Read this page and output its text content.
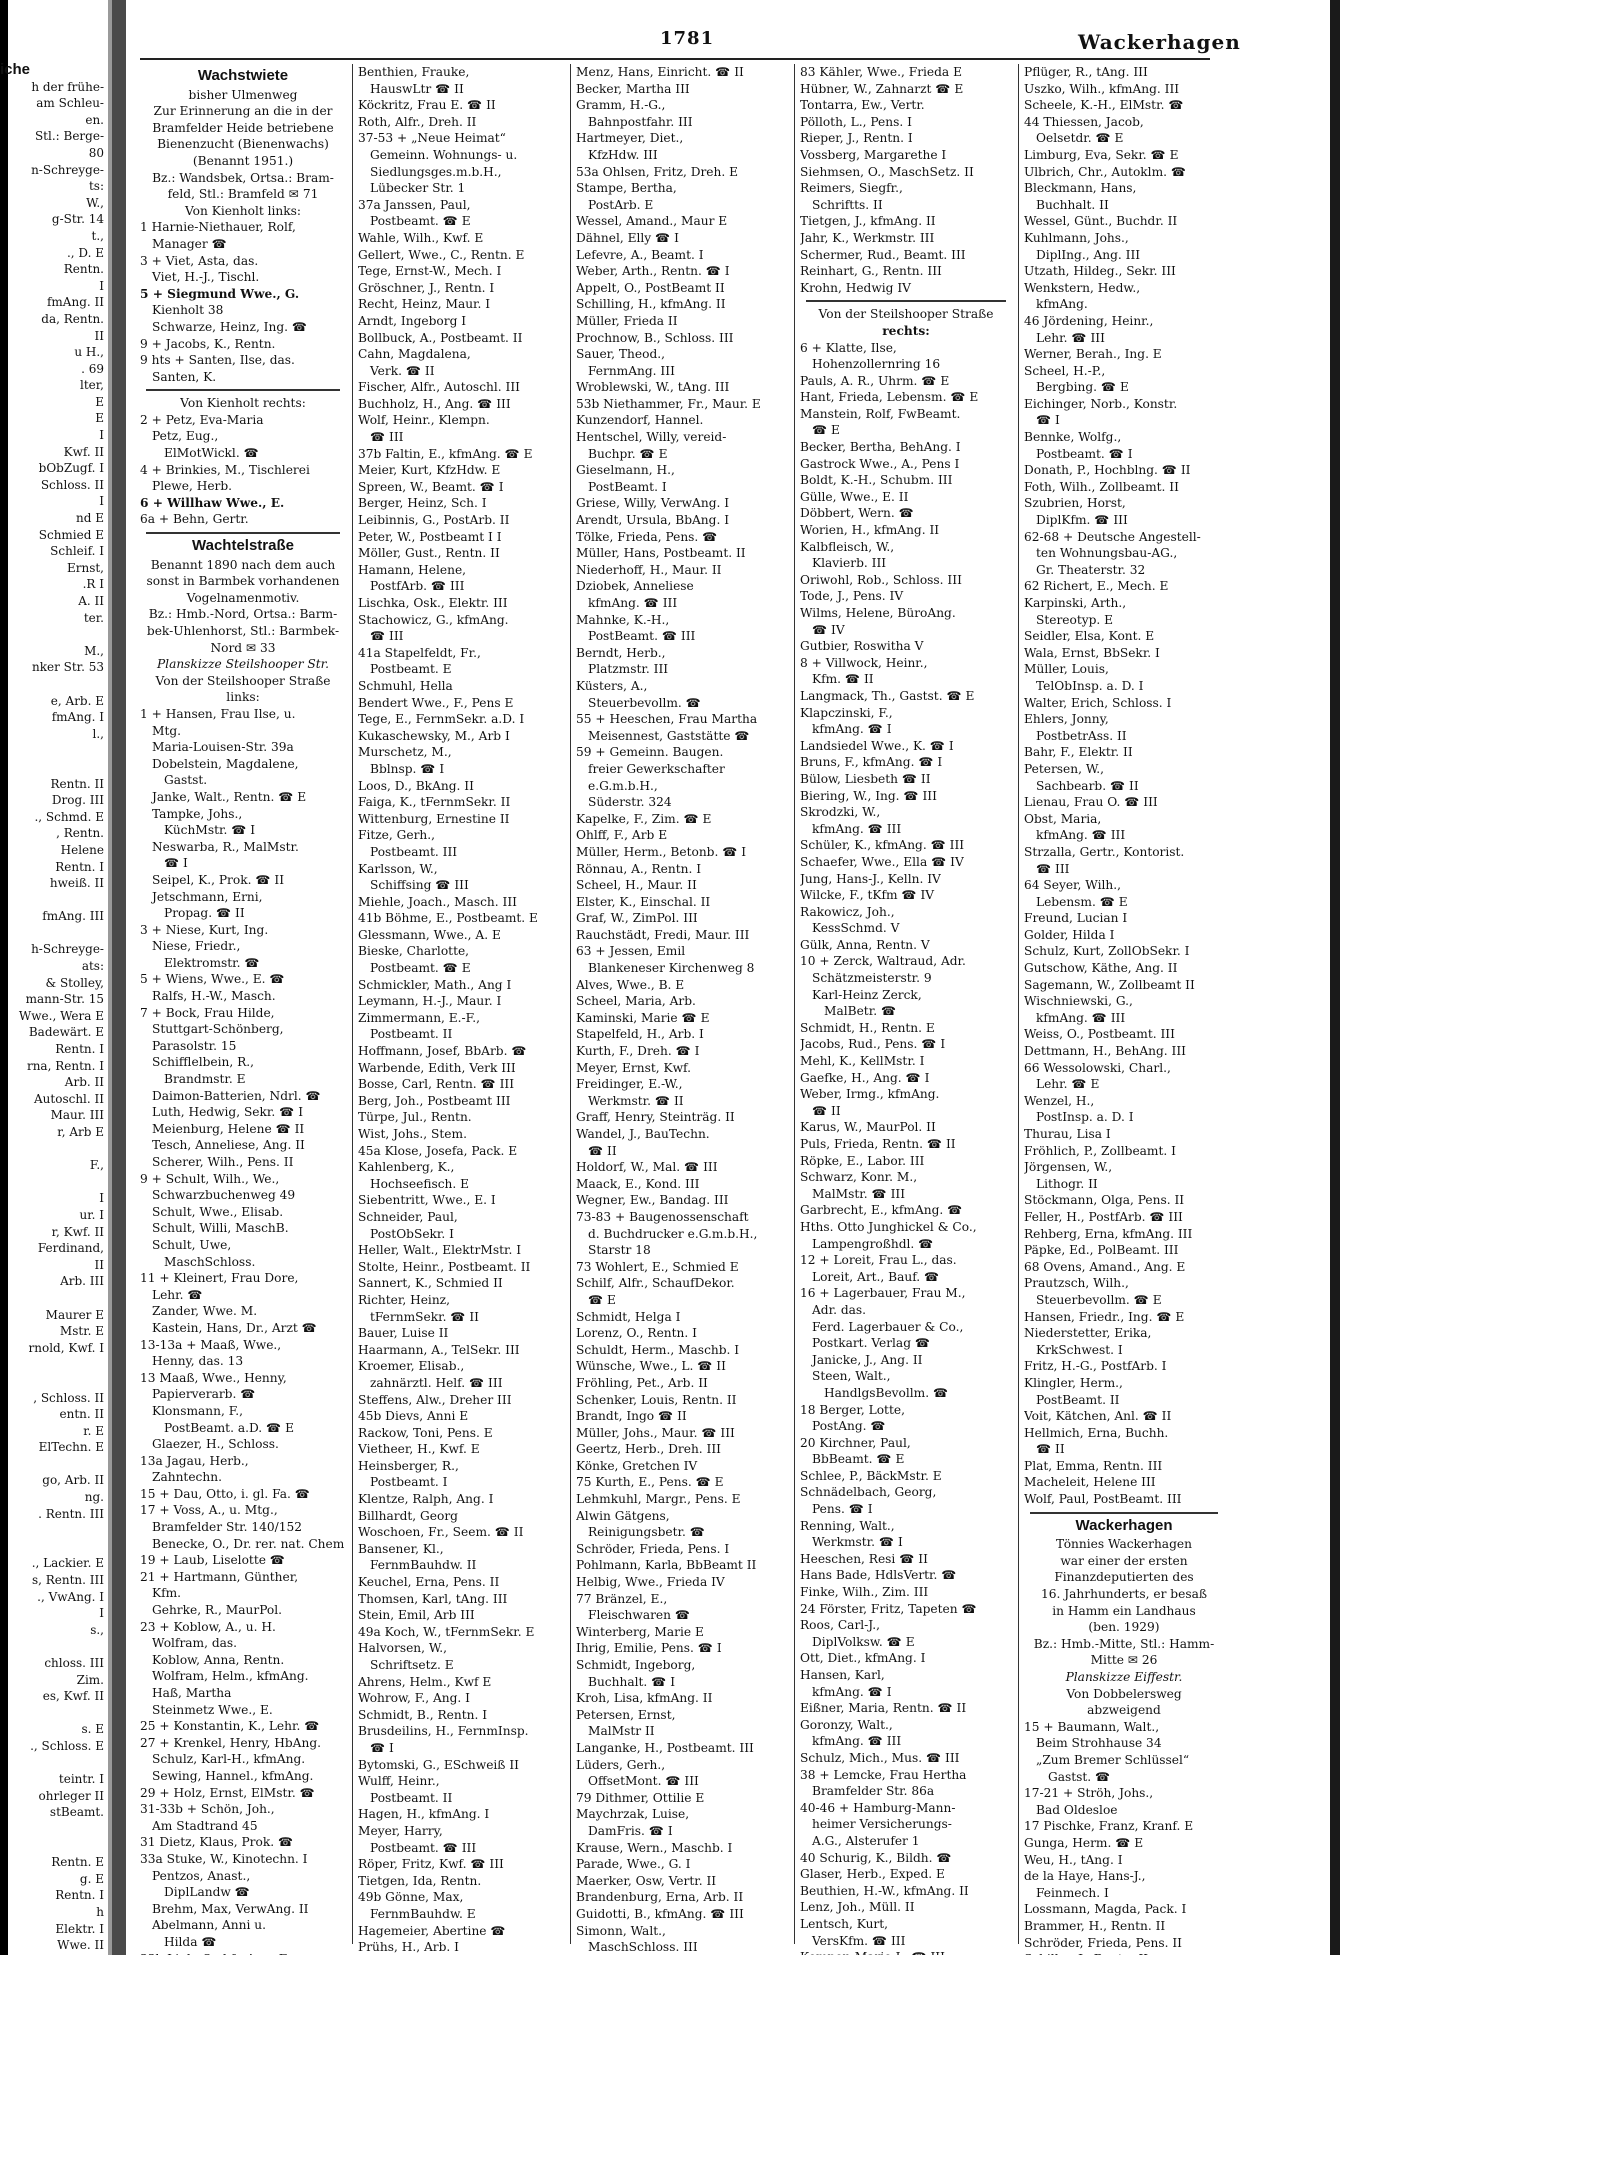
iche
h der frühe-
am Schleu-
en.
Stl.: Berge-
80
n-Schreyge-
ts:
W.,
g-Str. 14
t.,
., D. E
Rentn.
I
fmAng. II
da, Rentn.
II
u H.,
. 69
lter,
E
E
I
Kwf. II
bObZugf. I
Schloss. II
I
nd E
Schmied E
Schleif. I
Ernst,
.R I
A. II
ter.

M.,
nker Str. 53

e, Arb. E
fmAng. I
l.,

Rentn. II
Drog. III
., Schmd. E
, Rentn.
Helene
Rentn. I
hweiß. II

fmAng. III

h-Schreyge-
ats:
& Stolley,
mann-Str. 15
Wwe., Wera E
Badewärt. E
Rentn. I
rna, Rentn. I
Arb. II
Autoschl. II
Maur. III
r, Arb E

F.,

I
ur. I
r, Kwf. II
Ferdinand,
II
Arb. III

Maurer E
Mstr. E
rnold, Kwf. I

, Schloss. II
entn. II
r. E
ElTechn. E

go, Arb. II
ng.
. Rentn. III

., Lackier. E
s, Rentn. III
., VwAng. I
I
s.,

chloss. III
Zim.
es, Kwf. II

s. E
., Schloss. E

teintr. I
ohrleger II
stBeamt.

Rentn. E
g. E
Rentn. I
h
Elektr. I
Wwe. II
1781	Wackerhagen
Wachstwiete
bisher Ulmenweg
Zur Erinnerung an die in der
Bramfelder Heide betriebene
Bienenzucht (Bienenwachs)
(Benannt 1951.)
Bz.: Wandsbek, Ortsa.: Bram-
feld, Stl.: Bramfeld ✉ 71
Von Kienholt links:
1 Harnie-Niethauer, Rolf,
Manager ☎
3 + Viet, Asta, das.
Viet, H.-J., Tischl.
5 + Siegmund Wwe., G.
Kienholt 38
Schwarze, Heinz, Ing. ☎
9 + Jacobs, K., Rentn.
9 hts + Santen, Ilse, das.
Santen, K.
Von Kienholt rechts:
2 + Petz, Eva-Maria
Petz, Eug.,
ElMotWickl. ☎
4 + Brinkies, M., Tischlerei
Plewe, Herb.
6 + Willhaw Wwe., E.
6a + Behn, Gertr.
Wachtelstraße
Benannt 1890 nach dem auch
sonst in Barmbek vorhandenen
Vogelnamenmotiv.
Bz.: Hmb.-Nord, Ortsa.: Barm-
bek-Uhlenhorst, Stl.: Barmbek-
Nord ✉ 33
Planskizze Steilshooper Str.
Von der Steilshooper Straße
links:
1 + Hansen, Frau Ilse, u.
Mtg.
Maria-Louisen-Str. 39a
Dobelstein, Magdalene,
Gastst.
Janke, Walt., Rentn. ☎ E
Tampke, Johs.,
KüchMstr. ☎ I
Neswarba, R., MalMstr.
☎ I
Seipel, K., Prok. ☎ II
Jetschmann, Erni,
Propag. ☎ II
3 + Niese, Kurt, Ing.
Niese, Friedr.,
Elektromstr. ☎
5 + Wiens, Wwe., E. ☎
Ralfs, H.-W., Masch.
7 + Bock, Frau Hilde,
Stuttgart-Schönberg,
Parasolstr. 15
Schifflelbein, R.,
Brandmstr. E
Daimon-Batterien, Ndrl. ☎
Luth, Hedwig, Sekr. ☎ I
Meienburg, Helene ☎ II
Tesch, Anneliese, Ang. II
Scherer, Wilh., Pens. II
9 + Schult, Wilh., We.,
Schwarzbuchenweg 49
Schult, Wwe., Elisab.
Schult, Willi, MaschB.
Schult, Uwe,
MaschSchloss.
11 + Kleinert, Frau Dore,
Lehr. ☎
Zander, Wwe. M.
Kastein, Hans, Dr., Arzt ☎
13-13a + Maaß, Wwe.,
Henny, das. 13
13 Maaß, Wwe., Henny,
Papierverarb. ☎
Klonsmann, F.,
PostBeamt. a.D. ☎ E
Glaezer, H., Schloss.
13a Jagau, Herb.,
Zahntechn.
15 + Dau, Otto, i. gl. Fa. ☎
17 + Voss, A., u. Mtg.,
Bramfelder Str. 140/152
Benecke, O., Dr. rer. nat. Chem
19 + Laub, Liselotte ☎
21 + Hartmann, Günther,
Kfm.
Gehrke, R., MaurPol.
23 + Koblow, A., u. H.
Wolfram, das.
Koblow, Anna, Rentn.
Wolfram, Helm., kfmAng.
Haß, Martha
Steinmetz Wwe., E.
25 + Konstantin, K., Lehr. ☎
27 + Krenkel, Henry, HbAng.
Schulz, Karl-H., kfmAng.
Sewing, Hannel., kfmAng.
29 + Holz, Ernst, ElMstr. ☎
31-33b + Schön, Joh.,
Am Stadtrand 45
31 Dietz, Klaus, Prok. ☎
33a Stuke, W., Kinotechn. I
Pentzos, Anast.,
DiplLandw ☎
Brehm, Max, VerwAng. II
Abelmann, Anni u.
Hilda ☎
Benthien, Frauke,
HauswLtr ☎ II
Köckritz, Frau E. ☎ II
Roth, Alfr., Dreh. II
37-53 + „Neue Heimat“
Gemeinn. Wohnungs- u.
Siedlungsges.m.b.H.,
Lübecker Str. 1
37a Janssen, Paul,
Postbeamt. ☎ E
Wahle, Wilh., Kwf. E
Gellert, Wwe., C., Rentn. E
Tege, Ernst-W., Mech. I
Gröschner, J., Rentn. I
Recht, Heinz, Maur. I
Arndt, Ingeborg I
Bollbuck, A., Postbeamt. II
Cahn, Magdalena,
Verk. ☎ II
Fischer, Alfr., Autoschl. III
Buchholz, H., Ang. ☎ III
Wolf, Heinr., Klempn.
☎ III
37b Faltin, E., kfmAng. ☎ E
Meier, Kurt, KfzHdw. E
Spreen, W., Beamt. ☎ I
Berger, Heinz, Sch. I
Leibinnis, G., PostArb. II
Peter, W., Postbeamt I I
Möller, Gust., Rentn. II
Hamann, Helene,
PostfArb. ☎ III
Lischka, Osk., Elektr. III
Stachowicz, G., kfmAng.
☎ III
41a Stapelfeldt, Fr.,
Postbeamt. E
Schmuhl, Hella
Bendert Wwe., F., Pens E
Tege, E., FernmSekr. a.D. I
Kukaschewsky, M., Arb I
Murschetz, M.,
Bblnsp. ☎ I
Loos, D., BkAng. II
Faiga, K., tFernmSekr. II
Wittenburg, Ernestine II
Fitze, Gerh.,
Postbeamt. III
Karlsson, W.,
Schiffsing ☎ III
Miehle, Joach., Masch. III
41b Böhme, E., Postbeamt. E
Glessmann, Wwe., A. E
Bieske, Charlotte,
Postbeamt. ☎ E
Schmickler, Math., Ang I
Leymann, H.-J., Maur. I
Zimmermann, E.-F.,
Postbeamt. II
Hoffmann, Josef, BbArb. ☎
Warbende, Edith, Verk III
Bosse, Carl, Rentn. ☎ III
Berg, Joh., Postbeamt III
Türpe, Jul., Rentn.
Wist, Johs., Stem.
45a Klose, Josefa, Pack. E
Kahlenberg, K.,
Hochseefisch. E
Siebentritt, Wwe., E. I
Schneider, Paul,
PostObSekr. I
Heller, Walt., ElektrMstr. I
Stolte, Heinr., Postbeamt. II
Sannert, K., Schmied II
Richter, Heinz,
tFernmSekr. ☎ II
Bauer, Luise II
Haarmann, A., TelSekr. III
Kroemer, Elisab.,
zahnärztl. Helf. ☎ III
Steffens, Alw., Dreher III
45b Dievs, Anni E
Rackow, Toni, Pens. E
Vietheer, H., Kwf. E
Heinsberger, R.,
Postbeamt. I
Klentze, Ralph, Ang. I
Billhardt, Georg
Woschoen, Fr., Seem. ☎ II
Bansener, Kl.,
FernmBauhdw. II
Keuchel, Erna, Pens. II
Thomsen, Karl, tAng. III
Stein, Emil, Arb III
49a Koch, W., tFernmSekr. E
Halvorsen, W.,
Schriftsetz. E
Ahrens, Helm., Kwf E
Wohrow, F., Ang. I
Schmidt, B., Rentn. I
Brusdeilins, H., FernmInsp.
☎ I
Bytomski, G., ESchweiß II
Wulff, Heinr.,
Postbeamt. II
Hagen, H., kfmAng. I
Meyer, Harry,
Postbeamt. ☎ III
Röper, Fritz, Kwf. ☎ III
Tietgen, Ida, Rentn.
49b Gönne, Max,
FernmBauhdw. E
Hagemeier, Abertine ☎
Prühs, H., Arb. I
Menz, Hans, Einricht. ☎ II
Becker, Martha III
Gramm, H.-G.,
Bahnpostfahr. III
Hartmeyer, Diet.,
KfzHdw. III
53a Ohlsen, Fritz, Dreh. E
Stampe, Bertha,
PostArb. E
Wessel, Amand., Maur E
Dähnel, Elly ☎ I
Lefevre, A., Beamt. I
Weber, Arth., Rentn. ☎ I
Appelt, O., PostBeamt II
Schilling, H., kfmAng. II
Müller, Frieda II
Prochnow, B., Schloss. III
Sauer, Theod.,
FernmAng. III
Wroblewski, W., tAng. III
53b Niethammer, Fr., Maur. E
Kunzendorf, Hannel.
Hentschel, Willy, vereid-
Buchpr. ☎ E
Gieselmann, H.,
PostBeamt. I
Griese, Willy, VerwAng. I
Arendt, Ursula, BbAng. I
Tölke, Frieda, Pens. ☎
Müller, Hans, Postbeamt. II
Niederhoff, H., Maur. II
Dziobek, Anneliese
kfmAng. ☎ III
Mahnke, K.-H.,
PostBeamt. ☎ III
Berndt, Herb.,
Platzmstr. III
Küsters, A.,
Steuerbevollm. ☎
55 + Heeschen, Frau Martha
Meisennest, Gaststätte ☎
59 + Gemeinn. Baugen.
freier Gewerkschafter
e.G.m.b.H.,
Süderstr. 324
Kapelke, F., Zim. ☎ E
Ohlff, F., Arb E
Müller, Herm., Betonb. ☎ I
Rönnau, A., Rentn. I
Scheel, H., Maur. II
Elster, K., Einschal. II
Graf, W., ZimPol. III
Rauchstädt, Fredi, Maur. III
63 + Jessen, Emil
Blankeneser Kirchenweg 8
Alves, Wwe., B. E
Scheel, Maria, Arb.
Kaminski, Marie ☎ E
Stapelfeld, H., Arb. I
Kurth, F., Dreh. ☎ I
Meyer, Ernst, Kwf.
Freidinger, E.-W.,
Werkmstr. ☎ II
Graff, Henry, Steinträg. II
Wandel, J., BauTechn.
☎ II
Holdorf, W., Mal. ☎ III
Maack, E., Kond. III
Wegner, Ew., Bandag. III
73-83 + Baugenossenschaft
d. Buchdrucker e.G.m.b.H.,
Starstr 18
73 Wohlert, E., Schmied E
Schilf, Alfr., SchaufDekor.
☎ E
Schmidt, Helga I
Lorenz, O., Rentn. I
Schuldt, Herm., Maschb. I
Wünsche, Wwe., L. ☎ II
Fröhling, Pet., Arb. II
Schenker, Louis, Rentn. II
Brandt, Ingo ☎ II
Müller, Johs., Maur. ☎ III
Geertz, Herb., Dreh. III
Könke, Gretchen IV
75 Kurth, E., Pens. ☎ E
Lehmkuhl, Margr., Pens. E
Alwin Gätgens,
Reinigungsbetr. ☎
Schröder, Frieda, Pens. I
Pohlmann, Karla, BbBeamt II
Helbig, Wwe., Frieda IV
77 Bränzel, E.,
Fleischwaren ☎
Winterberg, Marie E
Ihrig, Emilie, Pens. ☎ I
Schmidt, Ingeborg,
Buchhalt. ☎ I
Kroh, Lisa, kfmAng. II
Petersen, Ernst,
MalMstr II
Langanke, H., Postbeamt. III
Lüders, Gerh.,
OffsetMont. ☎ III
79 Dithmer, Ottilie E
Maychrzak, Luise,
DamFris. ☎ I
Krause, Wern., Maschb. I
Parade, Wwe., G. I
Maerker, Osw, Vertr. II
Brandenburg, Erna, Arb. II
Guidotti, B., kfmAng. ☎ III
Simonn, Walt.,
MaschSchloss. III
83 Kähler, Wwe., Frieda E
Hübner, W., Zahnarzt ☎ E
Tontarra, Ew., Vertr.
Pölloth, L., Pens. I
Rieper, J., Rentn. I
Vossberg, Margarethe I
Siehmsen, O., MaschSetz. II
Reimers, Siegfr.,
Schriftts. II
Tietgen, J., kfmAng. II
Jahr, K., Werkmstr. III
Schermer, Rud., Beamt. III
Reinhart, G., Rentn. III
Krohn, Hedwig IV
Von der Steilshooper Straße
rechts:
6 + Klatte, Ilse,
Hohenzollernring 16
Pauls, A. R., Uhrm. ☎ E
Hant, Frieda, Lebensm. ☎ E
Manstein, Rolf, FwBeamt.
☎ E
Becker, Bertha, BehAng. I
Gastrock Wwe., A., Pens I
Boldt, K.-H., Schubm. III
Gülle, Wwe., E. II
Döbbert, Wern. ☎
Worien, H., kfmAng. II
Kalbfleisch, W.,
Klavierb. III
Oriwohl, Rob., Schloss. III
Tode, J., Pens. IV
Wilms, Helene, BüroAng.
☎ IV
Gutbier, Roswitha V
8 + Villwock, Heinr.,
Kfm. ☎ II
Langmack, Th., Gastst. ☎ E
Klapczinski, F.,
kfmAng. ☎ I
Landsiedel Wwe., K. ☎ I
Bruns, F., kfmAng. ☎ I
Bülow, Liesbeth ☎ II
Biering, W., Ing. ☎ III
Skrodzki, W.,
kfmAng. ☎ III
Schüler, K., kfmAng. ☎ III
Schaefer, Wwe., Ella ☎ IV
Jung, Hans-J., Kelln. IV
Wilcke, F., tKfm ☎ IV
Rakowicz, Joh.,
KessSchmd. V
Gülk, Anna, Rentn. V
10 + Zerck, Waltraud, Adr.
Schätzmeisterstr. 9
Karl-Heinz Zerck,
MalBetr. ☎
Schmidt, H., Rentn. E
Jacobs, Rud., Pens. ☎ I
Mehl, K., KellMstr. I
Gaefke, H., Ang. ☎ I
Weber, Irmg., kfmAng.
☎ II
Karus, W., MaurPol. II
Puls, Frieda, Rentn. ☎ II
Röpke, E., Labor. III
Schwarz, Konr. M.,
MalMstr. ☎ III
Garbrecht, E., kfmAng. ☎
Hths. Otto Junghickel & Co.,
Lampengroßhdl. ☎
12 + Loreit, Frau L., das.
Loreit, Art., Bauf. ☎
16 + Lagerbauer, Frau M.,
Adr. das.
Ferd. Lagerbauer & Co.,
Postkart. Verlag ☎
Janicke, J., Ang. II
Steen, Walt.,
HandlgsBevollm. ☎
18 Berger, Lotte,
PostAng. ☎
20 Kirchner, Paul,
BbBeamt. ☎ E
Schlee, P., BäckMstr. E
Schnädelbach, Georg,
Pens. ☎ I
Renning, Walt.,
Werkmstr. ☎ I
Heeschen, Resi ☎ II
Hans Bade, HdlsVertr. ☎
Finke, Wilh., Zim. III
24 Förster, Fritz, Tapeten ☎
Roos, Carl-J.,
DiplVolksw. ☎ E
Ott, Diet., kfmAng. I
Hansen, Karl,
kfmAng. ☎ I
Eißner, Maria, Rentn. ☎ II
Goronzy, Walt.,
kfmAng. ☎ III
Schulz, Mich., Mus. ☎ III
38 + Lemcke, Frau Hertha
Bramfelder Str. 86a
40-46 + Hamburg-Mann-
heimer Versicherungs-
A.G., Alsterufer 1
40 Schurig, K., Bildh. ☎
Glaser, Herb., Exped. E
Beuthien, H.-W., kfmAng. II
Lenz, Joh., Müll. II
Lentsch, Kurt,
VersKfm. ☎ III
Pflüger, R., tAng. III
Uszko, Wilh., kfmAng. III
Scheele, K.-H., ElMstr. ☎
44 Thiessen, Jacob,
Oelsetdr. ☎ E
Limburg, Eva, Sekr. ☎ E
Ulbrich, Chr., Autoklm. ☎
Bleckmann, Hans,
Buchhalt. II
Wessel, Günt., Buchdr. II
Kuhlmann, Johs.,
DiplIng., Ang. III
Utzath, Hildeg., Sekr. III
Wenkstern, Hedw.,
kfmAng.
46 Jördening, Heinr.,
Lehr. ☎ III
Werner, Berah., Ing. E
Scheel, H.-P.,
Bergbing. ☎ E
Eichinger, Norb., Konstr.
☎ I
Bennke, Wolfg.,
Postbeamt. ☎ I
Donath, P., Hochblng. ☎ II
Foth, Wilh., Zollbeamt. II
Szubrien, Horst,
DiplKfm. ☎ III
62-68 + Deutsche Angestell-
ten Wohnungsbau-AG.,
Gr. Theaterstr. 32
62 Richert, E., Mech. E
Karpinski, Arth.,
Stereotyp. E
Seidler, Elsa, Kont. E
Wala, Ernst, BbSekr. I
Müller, Louis,
TelObInsp. a. D. I
Walter, Erich, Schloss. I
Ehlers, Jonny,
PostbetrAss. II
Bahr, F., Elektr. II
Petersen, W.,
Sachbearb. ☎ II
Lienau, Frau O. ☎ III
Obst, Maria,
kfmAng. ☎ III
Strzalla, Gertr., Kontorist.
☎ III
64 Seyer, Wilh.,
Lebensm. ☎ E
Freund, Lucian I
Golder, Hilda I
Schulz, Kurt, ZollObSekr. I
Gutschow, Käthe, Ang. II
Sagemann, W., Zollbeamt II
Wischniewski, G.,
kfmAng. ☎ III
Weiss, O., Postbeamt. III
Dettmann, H., BehAng. III
66 Wessolowski, Charl.,
Lehr. ☎ E
Wenzel, H.,
PostInsp. a. D. I
Thurau, Lisa I
Fröhlich, P., Zollbeamt. I
Jörgensen, W.,
Lithogr. II
Stöckmann, Olga, Pens. II
Feller, H., PostfArb. ☎ III
Rehberg, Erna, kfmAng. III
Päpke, Ed., PolBeamt. III
68 Ovens, Amand., Ang. E
Prautzsch, Wilh.,
Steuerbevollm. ☎ E
Hansen, Friedr., Ing. ☎ E
Niederstetter, Erika,
KrkSchwest. I
Fritz, H.-G., PostfArb. I
Klingler, Herm.,
PostBeamt. II
Voit, Kätchen, Anl. ☎ II
Hellmich, Erna, Buchh.
☎ II
Plat, Emma, Rentn. III
Macheleit, Helene III
Wolf, Paul, PostBeamt. III
Wackerhagen
Tönnies Wackerhagen
war einer der ersten
Finanzdeputierten des
16. Jahrhunderts, er besaß
in Hamm ein Landhaus
(ben. 1929)
Bz.: Hmb.-Mitte, Stl.: Hamm-
Mitte ✉ 26
Planskizze Eiffestr.
Von Dobbelersweg
abzweigend
15 + Baumann, Walt.,
Beim Strohhause 34
„Zum Bremer Schlüssel“
Gastst. ☎
17-21 + Ströh, Johs.,
Bad Oldesloe
17 Pischke, Franz, Kranf. E
Gunga, Herm. ☎ E
Weu, H., tAng. I
de la Haye, Hans-J.,
Feinmech. I
Lossmann, Magda, Pack. I
Brammer, H., Rentn. II
Schröder, Frieda, Pens. II
